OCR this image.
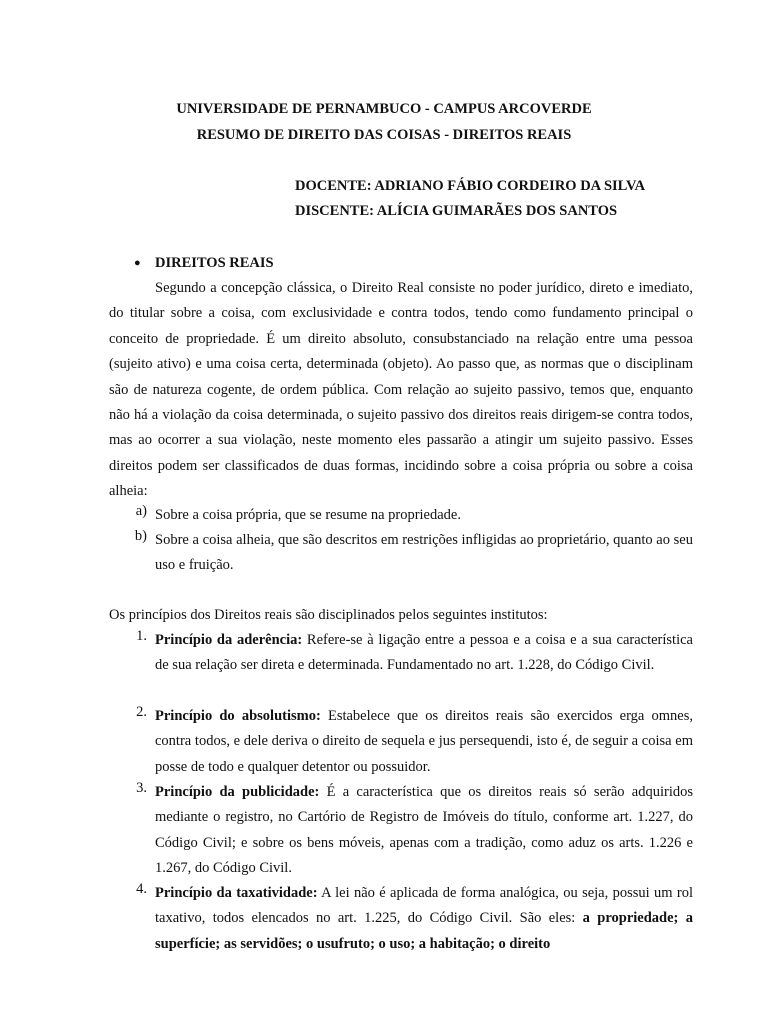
UNIVERSIDADE DE PERNAMBUCO - CAMPUS ARCOVERDE
RESUMO DE DIREITO DAS COISAS - DIREITOS REAIS
DOCENTE: ADRIANO FÁBIO CORDEIRO DA SILVA
DISCENTE: ALÍCIA GUIMARÃES DOS SANTOS
● DIREITOS REAIS
Segundo a concepção clássica, o Direito Real consiste no poder jurídico, direto e imediato, do titular sobre a coisa, com exclusividade e contra todos, tendo como fundamento principal o conceito de propriedade. É um direito absoluto, consubstanciado na relação entre uma pessoa (sujeito ativo) e uma coisa certa, determinada (objeto). Ao passo que, as normas que o disciplinam são de natureza cogente, de ordem pública. Com relação ao sujeito passivo, temos que, enquanto não há a violação da coisa determinada, o sujeito passivo dos direitos reais dirigem-se contra todos, mas ao ocorrer a sua violação, neste momento eles passarão a atingir um sujeito passivo. Esses direitos podem ser classificados de duas formas, incidindo sobre a coisa própria ou sobre a coisa alheia:
a) Sobre a coisa própria, que se resume na propriedade.
b) Sobre a coisa alheia, que são descritos em restrições infligidas ao proprietário, quanto ao seu uso e fruição.
Os princípios dos Direitos reais são disciplinados pelos seguintes institutos:
1. Princípio da aderência: Refere-se à ligação entre a pessoa e a coisa e a sua característica de sua relação ser direta e determinada. Fundamentado no art. 1.228, do Código Civil.
2. Princípio do absolutismo: Estabelece que os direitos reais são exercidos erga omnes, contra todos, e dele deriva o direito de sequela e jus persequendi, isto é, de seguir a coisa em posse de todo e qualquer detentor ou possuidor.
3. Princípio da publicidade: É a característica que os direitos reais só serão adquiridos mediante o registro, no Cartório de Registro de Imóveis do título, conforme art. 1.227, do Código Civil; e sobre os bens móveis, apenas com a tradição, como aduz os arts. 1.226 e 1.267, do Código Civil.
4. Princípio da taxatividade: A lei não é aplicada de forma analógica, ou seja, possui um rol taxativo, todos elencados no art. 1.225, do Código Civil. São eles: a propriedade; a superfície; as servidões; o usufruto; o uso; a habitação; o direito
